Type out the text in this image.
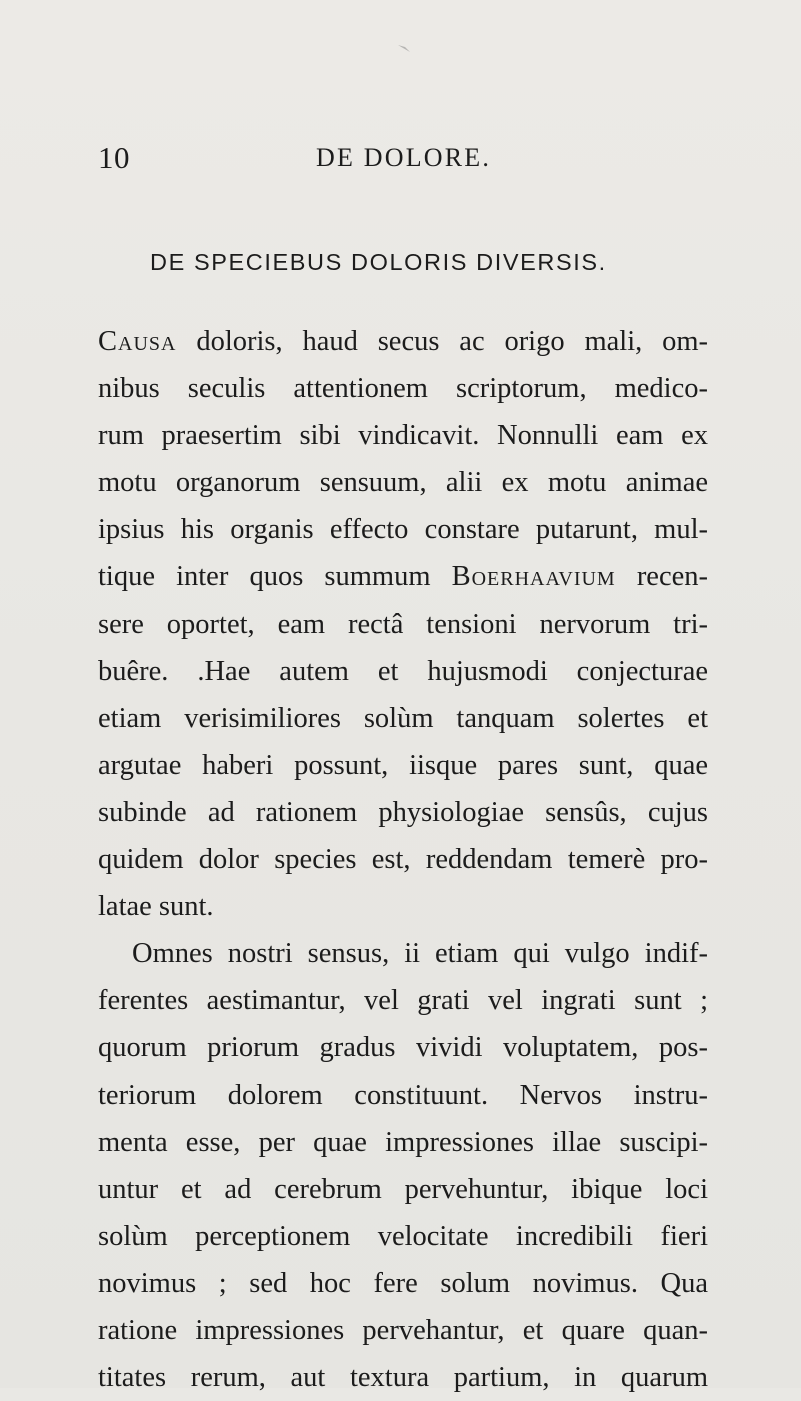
10	DE DOLORE.
DE SPECIEBUS DOLORIS DIVERSIS.
Causa doloris, haud secus ac origo mali, om-
nibus seculis attentionem scriptorum, medico-
rum praesertim sibi vindicavit. Nonnulli eam ex
motu organorum sensuum, alii ex motu animae
ipsius his organis effecto constare putarunt, mul-
tique inter quos summum Boerhaavium recen-
sere oportet, eam rectâ tensioni nervorum tri-
buêre. .Hae autem et hujusmodi conjecturae
etiam verisimiliores solùm tanquam solertes et
argutae haberi possunt, iisque pares sunt, quae
subinde ad rationem physiologiae sensûs, cujus
quidem dolor species est, reddendam temerè pro-
latae sunt.
Omnes nostri sensus, ii etiam qui vulgo indif-
ferentes aestimantur, vel grati vel ingrati sunt ;
quorum priorum gradus vividi voluptatem, pos-
teriorum dolorem constituunt. Nervos instru-
menta esse, per quae impressiones illae suscipi-
untur et ad cerebrum pervehuntur, ibique loci
solùm perceptionem velocitate incredibili fieri
novimus ; sed hoc fere solum novimus. Qua
ratione impressiones pervehantur, et quare quan-
titates rerum, aut textura partium, in quarum
